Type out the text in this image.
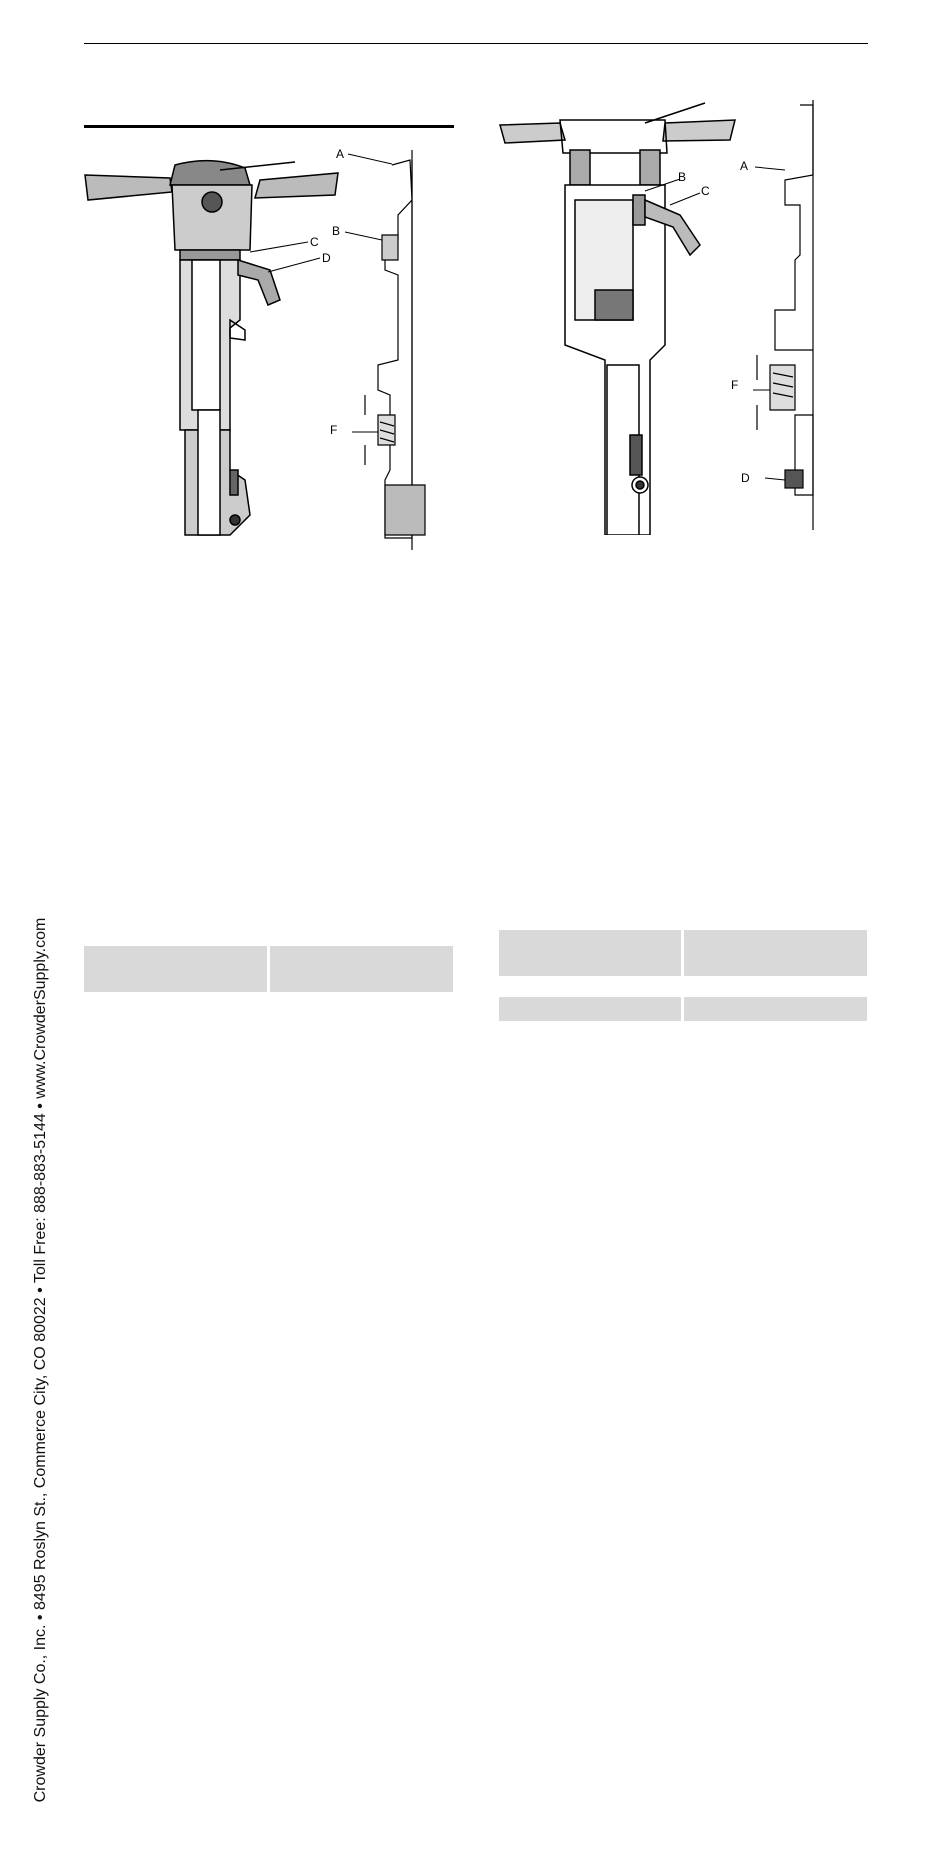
Crowder Supply Co., Inc. • 8495 Roslyn St., Commerce City, CO 80022 • Toll Free: 888-883-5144 • www.CrowderSupply.com
A
B
C
D
F
A
B
C
D
F
